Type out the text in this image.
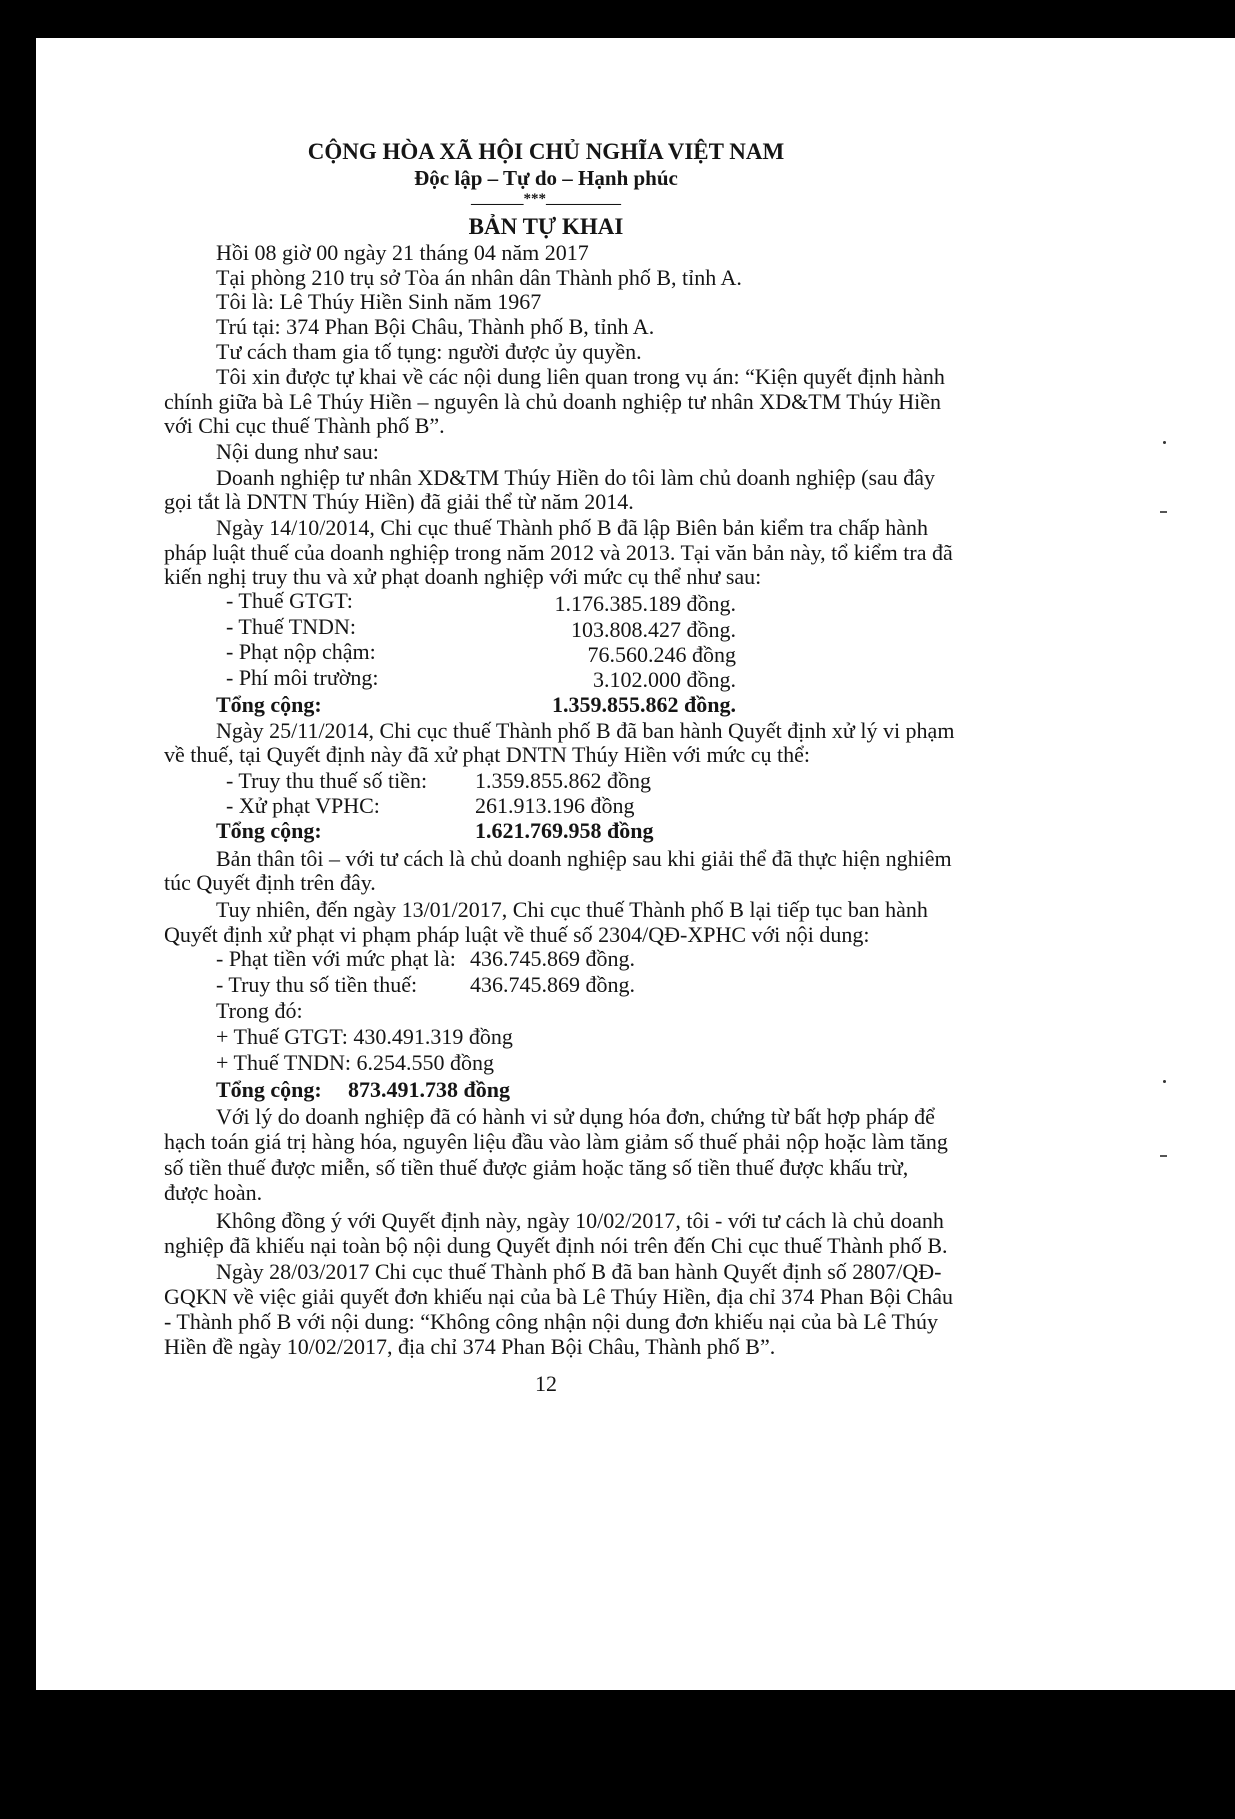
CỘNG HÒA XÃ HỘI CHỦ NGHĨA VIỆT NAM
Độc lập – Tự do – Hạnh phúc
_______***__________
BẢN TỰ KHAI
Hồi 08 giờ 00 ngày 21 tháng 04 năm 2017
Tại phòng 210 trụ sở Tòa án nhân dân Thành phố B, tỉnh A.
Tôi là: Lê Thúy Hiền Sinh năm 1967
Trú tại: 374 Phan Bội Châu, Thành phố B, tỉnh A.
Tư cách tham gia tố tụng: người được ủy quyền.
Tôi xin được tự khai về các nội dung liên quan trong vụ án: “Kiện quyết định hành
chính giữa bà Lê Thúy Hiền – nguyên là chủ doanh nghiệp tư nhân XD&TM Thúy Hiền
với Chi cục thuế Thành phố B”.
Nội dung như sau:
Doanh nghiệp tư nhân XD&TM Thúy Hiền do tôi làm chủ doanh nghiệp (sau đây
gọi tắt là DNTN Thúy Hiền) đã giải thể từ năm 2014.
Ngày 14/10/2014, Chi cục thuế Thành phố B đã lập Biên bản kiểm tra chấp hành
pháp luật thuế của doanh nghiệp trong năm 2012 và 2013. Tại văn bản này, tổ kiểm tra đã
kiến nghị truy thu và xử phạt doanh nghiệp với mức cụ thể như sau:
- Thuế GTGT:	1.176.385.189 đồng.
- Thuế TNDN:	103.808.427 đồng.
- Phạt nộp chậm:	76.560.246 đồng
- Phí môi trường:	3.102.000 đồng.
Tổng cộng:	1.359.855.862 đồng.
Ngày 25/11/2014, Chi cục thuế Thành phố B đã ban hành Quyết định xử lý vi phạm
về thuế, tại Quyết định này đã xử phạt DNTN Thúy Hiền với mức cụ thể:
- Truy thu thuế số tiền: 1.359.855.862 đồng
- Xử phạt VPHC:	261.913.196 đồng
Tổng cộng:	1.621.769.958 đồng
Bản thân tôi – với tư cách là chủ doanh nghiệp sau khi giải thể đã thực hiện nghiêm
túc Quyết định trên đây.
Tuy nhiên, đến ngày 13/01/2017, Chi cục thuế Thành phố B lại tiếp tục ban hành
Quyết định xử phạt vi phạm pháp luật về thuế số 2304/QĐ-XPHC với nội dung:
- Phạt tiền với mức phạt là: 436.745.869 đồng.
- Truy thu số tiền thuế: 436.745.869 đồng.
Trong đó:
+ Thuế GTGT: 430.491.319 đồng
+ Thuế TNDN: 6.254.550 đồng
Tổng cộng: 873.491.738 đồng
Với lý do doanh nghiệp đã có hành vi sử dụng hóa đơn, chứng từ bất hợp pháp để
hạch toán giá trị hàng hóa, nguyên liệu đầu vào làm giảm số thuế phải nộp hoặc làm tăng
số tiền thuế được miễn, số tiền thuế được giảm hoặc tăng số tiền thuế được khấu trừ,
được hoàn.
Không đồng ý với Quyết định này, ngày 10/02/2017, tôi - với tư cách là chủ doanh
nghiệp đã khiếu nại toàn bộ nội dung Quyết định nói trên đến Chi cục thuế Thành phố B.
Ngày 28/03/2017 Chi cục thuế Thành phố B đã ban hành Quyết định số 2807/QĐ-
GQKN về việc giải quyết đơn khiếu nại của bà Lê Thúy Hiền, địa chỉ 374 Phan Bội Châu
- Thành phố B với nội dung: “Không công nhận nội dung đơn khiếu nại của bà Lê Thúy
Hiền đề ngày 10/02/2017, địa chỉ 374 Phan Bội Châu, Thành phố B”.
12
